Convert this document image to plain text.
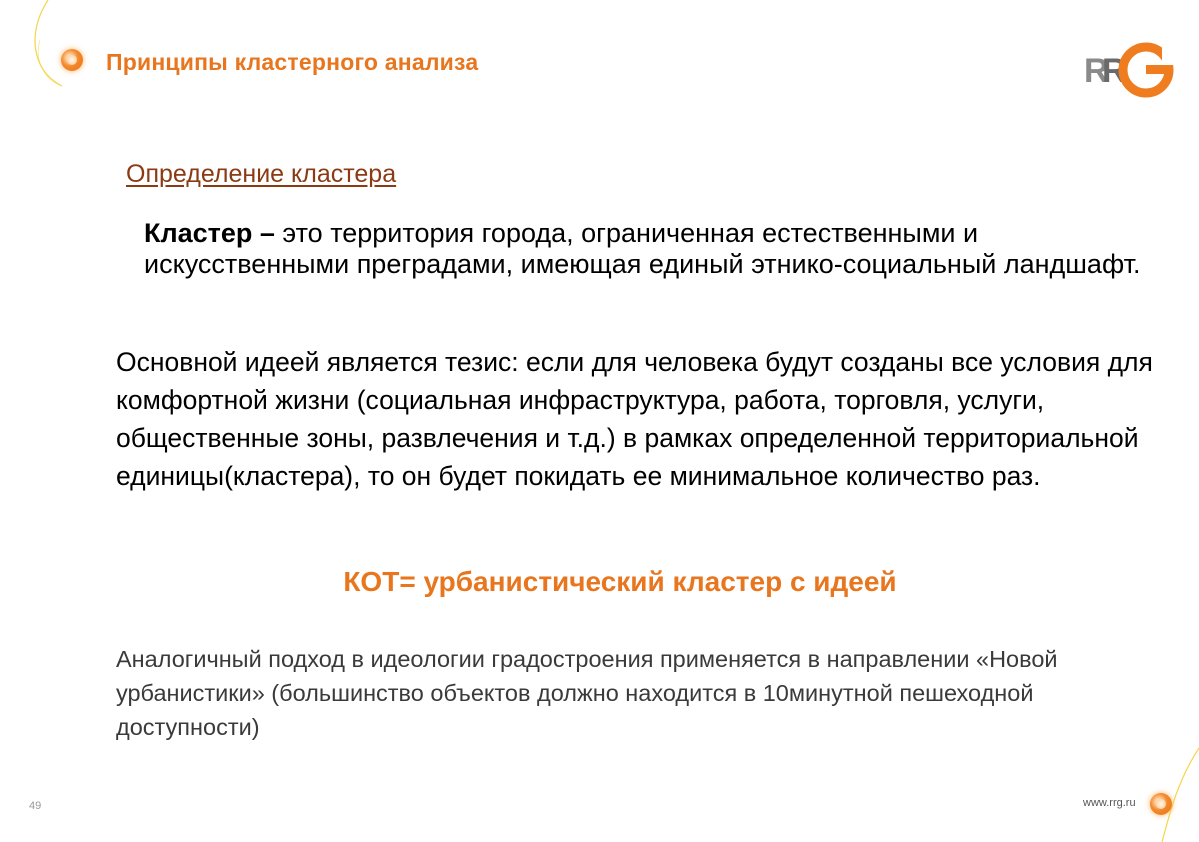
Принципы кластерного анализа	R
R
Определение кластера
Кластер – это территория города, ограниченная естественными и искусственными преградами, имеющая единый этнико-социальный ландшафт.
Основной идеей является тезис: если для человека будут созданы все условия для комфортной жизни (социальная инфраструктура, работа, торговля, услуги, общественные зоны, развлечения и т.д.) в рамках определенной территориальной единицы(кластера), то он будет покидать ее минимальное количество раз.
КОТ= урбанистический кластер с идеей
Аналогичный подход в идеологии градостроения применяется в направлении «Новой урбанистики» (большинство объектов должно находится в 10минутной пешеходной доступности)
49	www.rrg.ru
